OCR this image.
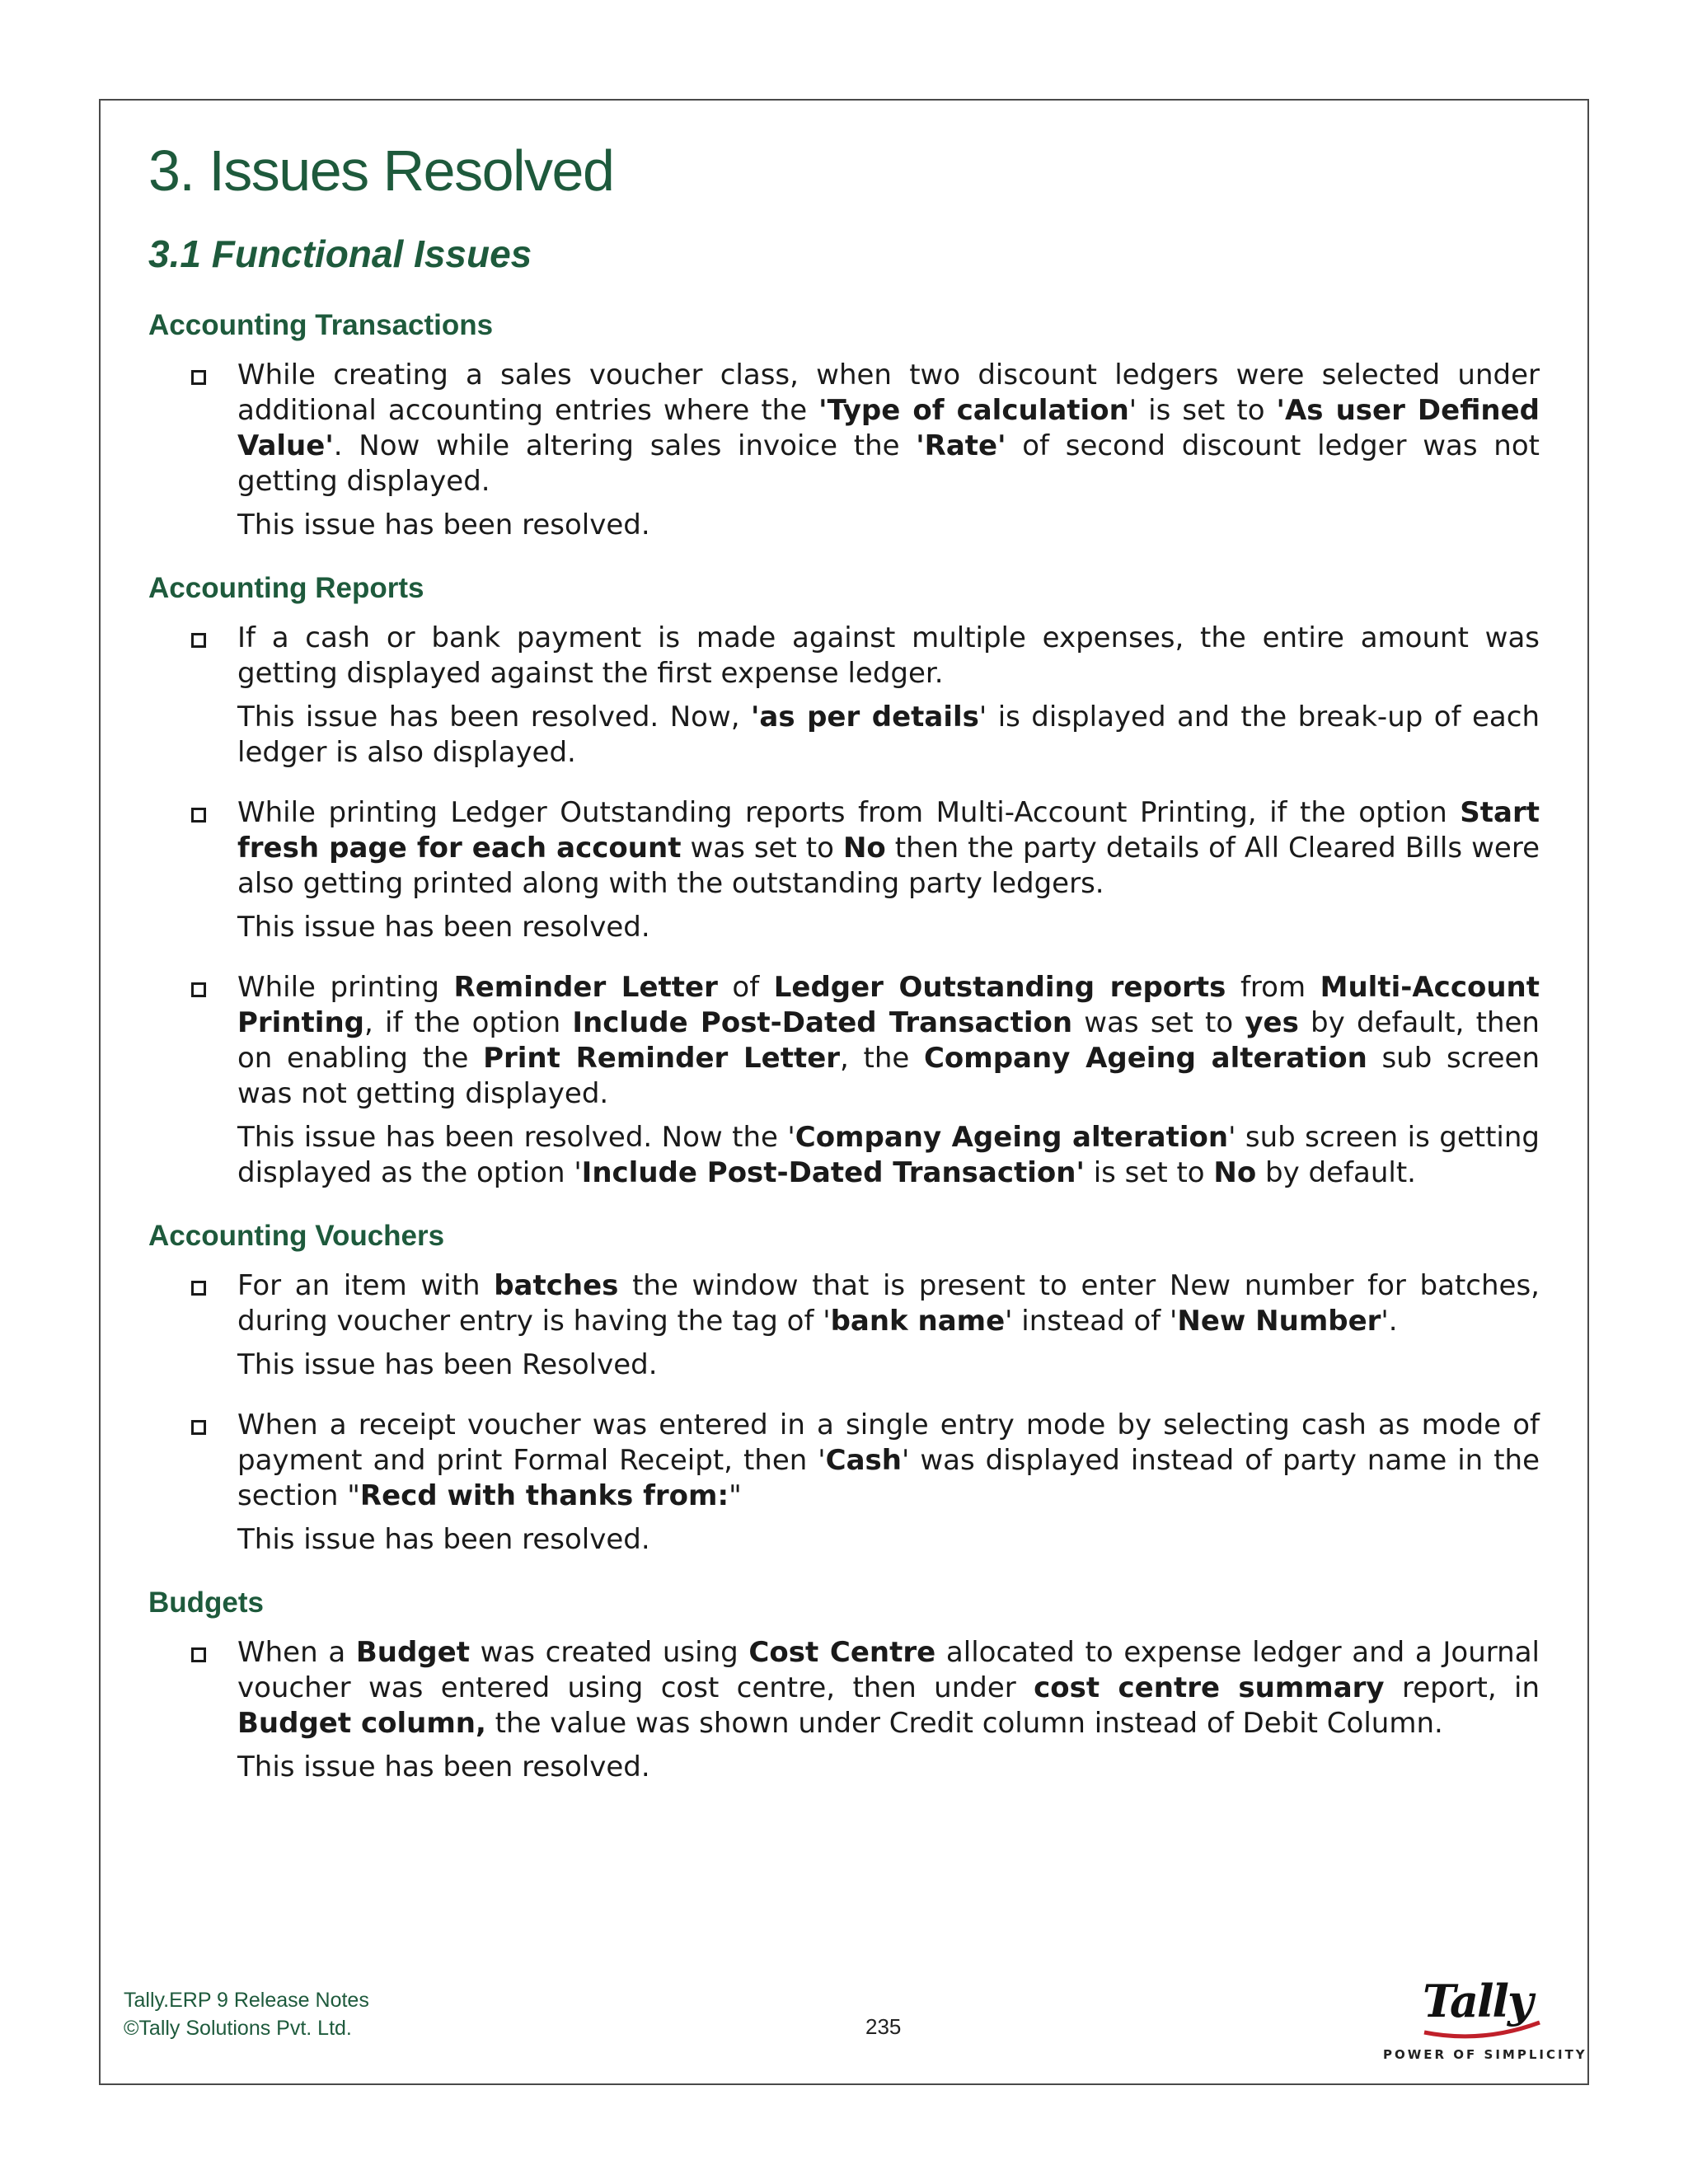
3. Issues Resolved
3.1 Functional Issues
Accounting Transactions

While creating a sales voucher class, when two discount ledgers were selected under additional accounting entries where the 'Type of calculation' is set to 'As user Defined Value'. Now while altering sales invoice the 'Rate' of second discount ledger was not getting displayed.

This issue has been resolved.

Accounting Reports

If a cash or bank payment is made against multiple expenses, the entire amount was getting displayed against the first expense ledger.

This issue has been resolved. Now, 'as per details' is displayed and the break-up of each ledger is also displayed.

While printing Ledger Outstanding reports from Multi-Account Printing, if the option Start fresh page for each account was set to No then the party details of All Cleared Bills were also getting printed along with the outstanding party ledgers.

This issue has been resolved.

While printing Reminder Letter of Ledger Outstanding reports from Multi-Account Printing, if the option Include Post-Dated Transaction was set to yes by default, then on enabling the Print Reminder Letter, the Company Ageing alteration sub screen was not getting displayed.

This issue has been resolved. Now the 'Company Ageing alteration' sub screen is getting displayed as the option 'Include Post-Dated Transaction' is set to No by default.

Accounting Vouchers

For an item with batches the window that is present to enter New number for batches, during voucher entry is having the tag of 'bank name' instead of 'New Number'.

This issue has been Resolved.

When a receipt voucher was entered in a single entry mode by selecting cash as mode of payment and print Formal Receipt, then 'Cash' was displayed instead of party name in the section "Recd with thanks from:"

This issue has been resolved.

Budgets

When a Budget was created using Cost Centre allocated to expense ledger and a Journal voucher was entered using cost centre, then under cost centre summary report, in Budget column, the value was shown under Credit column instead of Debit Column.

This issue has been resolved.

Tally.ERP 9 Release Notes
©Tally Solutions Pvt. Ltd.	235	Tally
POWER OF SIMPLICITY
